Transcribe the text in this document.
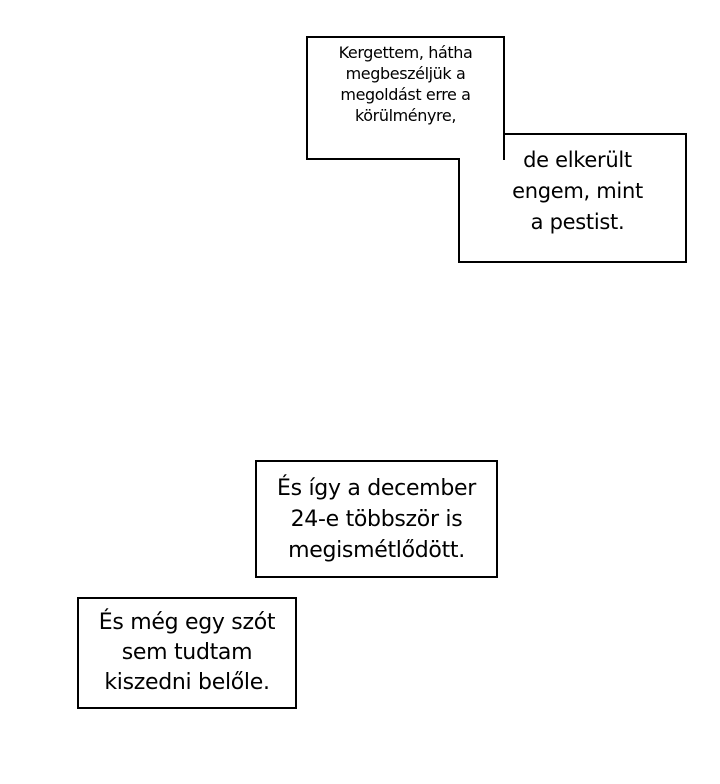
Kergettem, hátha
megbeszéljük a
megoldást erre a
körülményre,
de elkerült
engem, mint
a pestist.
És így a december
24-e többször is
megismétlődött.
És még egy szót
sem tudtam
kiszedni belőle.
